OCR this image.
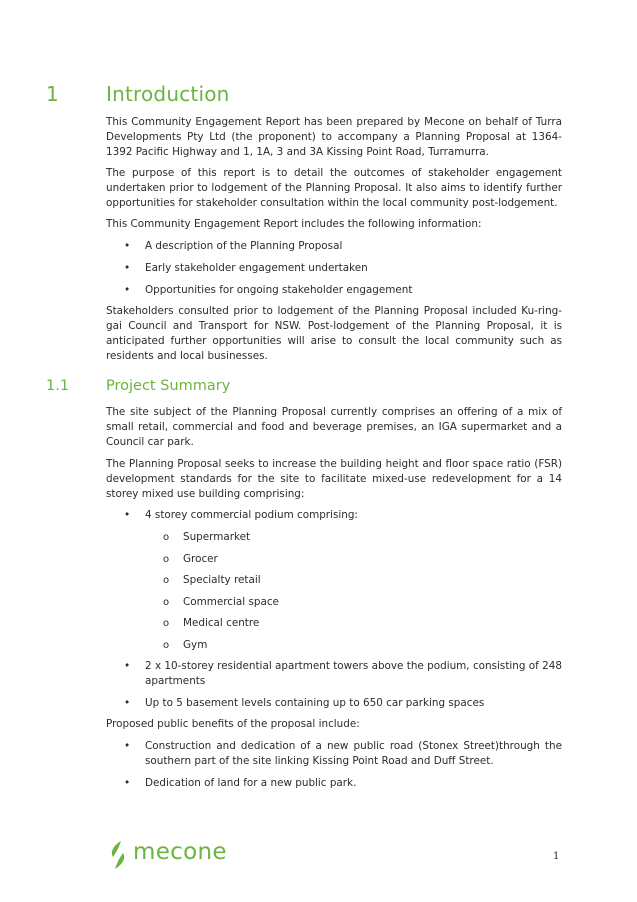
1 Introduction

This Community Engagement Report has been prepared by Mecone on behalf of Turra Developments Pty Ltd (the proponent) to accompany a Planning Proposal at 1364-1392 Pacific Highway and 1, 1A, 3 and 3A Kissing Point Road, Turramurra.

The purpose of this report is to detail the outcomes of stakeholder engagement undertaken prior to lodgement of the Planning Proposal. It also aims to identify further opportunities for stakeholder consultation within the local community post-lodgement.

This Community Engagement Report includes the following information:

•	A description of the Planning Proposal
•	Early stakeholder engagement undertaken
•	Opportunities for ongoing stakeholder engagement

Stakeholders consulted prior to lodgement of the Planning Proposal included Ku-ring-gai Council and Transport for NSW. Post-lodgement of the Planning Proposal, it is anticipated further opportunities will arise to consult the local community such as residents and local businesses.

1.1	Project Summary

The site subject of the Planning Proposal currently comprises an offering of a mix of small retail, commercial and food and beverage premises, an IGA supermarket and a Council car park.

The Planning Proposal seeks to increase the building height and floor space ratio (FSR) development standards for the site to facilitate mixed-use redevelopment for a 14 storey mixed use building comprising:

•	4 storey commercial podium comprising:
o Supermarket
o Grocer
o Specialty retail
o Commercial space
o Medical centre
o Gym
•	2 x 10-storey residential apartment towers above the podium, consisting of 248 apartments
•	Up to 5 basement levels containing up to 650 car parking spaces

Proposed public benefits of the proposal include:

•	Construction and dedication of a new public road (Stonex Street)through the southern part of the site linking Kissing Point Road and Duff Street.
•	Dedication of land for a new public park.
mecone	1
